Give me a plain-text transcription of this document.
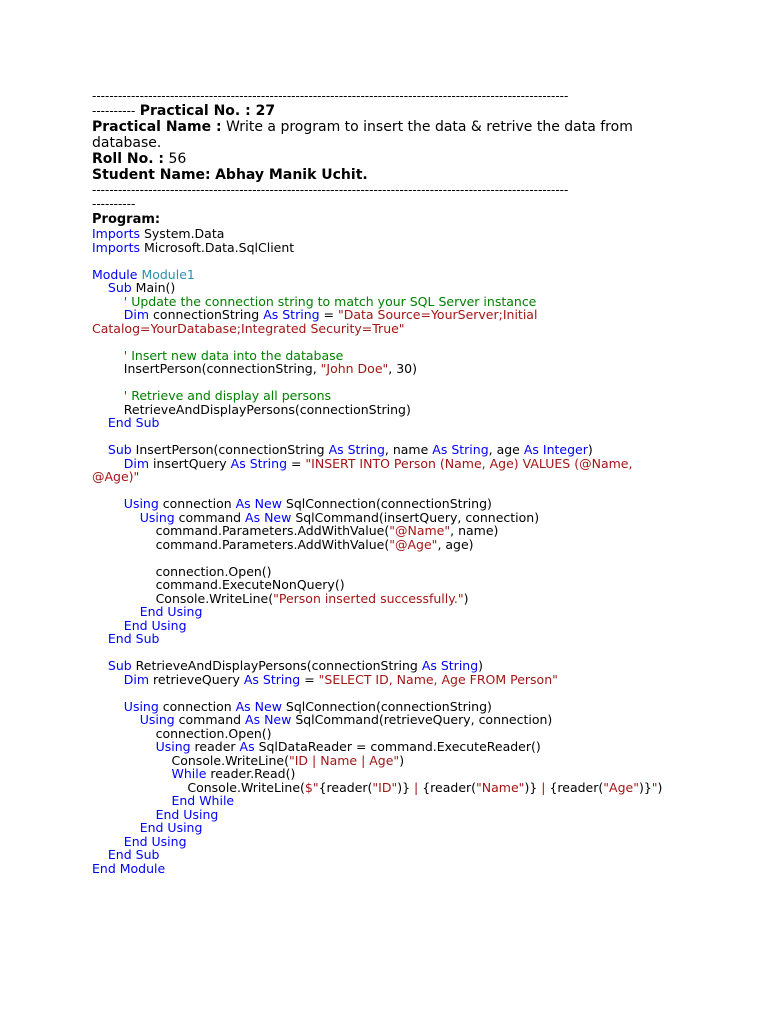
--------------------------------------------------------------------------------------------------------------
---------- Practical No. : 27
Practical Name : Write a program to insert the data & retrive the data from
database.
Roll No. : 56
Student Name: Abhay Manik Uchit.
--------------------------------------------------------------------------------------------------------------
----------
Program:
Imports System.Data
Imports Microsoft.Data.SqlClient
Module Module1
Sub Main()
' Update the connection string to match your SQL Server instance
Dim connectionString As String = "Data Source=YourServer;Initial
Catalog=YourDatabase;Integrated Security=True"
' Insert new data into the database
InsertPerson(connectionString, "John Doe", 30)
' Retrieve and display all persons
RetrieveAndDisplayPersons(connectionString)
End Sub
Sub InsertPerson(connectionString As String, name As String, age As Integer)
Dim insertQuery As String = "INSERT INTO Person (Name, Age) VALUES (@Name,
@Age)"
Using connection As New SqlConnection(connectionString)
Using command As New SqlCommand(insertQuery, connection)
command.Parameters.AddWithValue("@Name", name)
command.Parameters.AddWithValue("@Age", age)
connection.Open()
command.ExecuteNonQuery()
Console.WriteLine("Person inserted successfully.")
End Using
End Using
End Sub
Sub RetrieveAndDisplayPersons(connectionString As String)
Dim retrieveQuery As String = "SELECT ID, Name, Age FROM Person"
Using connection As New SqlConnection(connectionString)
Using command As New SqlCommand(retrieveQuery, connection)
connection.Open()
Using reader As SqlDataReader = command.ExecuteReader()
Console.WriteLine("ID | Name | Age")
While reader.Read()
Console.WriteLine($"{reader("ID")} | {reader("Name")} | {reader("Age")}")
End While
End Using
End Using
End Using
End Sub
End Module
